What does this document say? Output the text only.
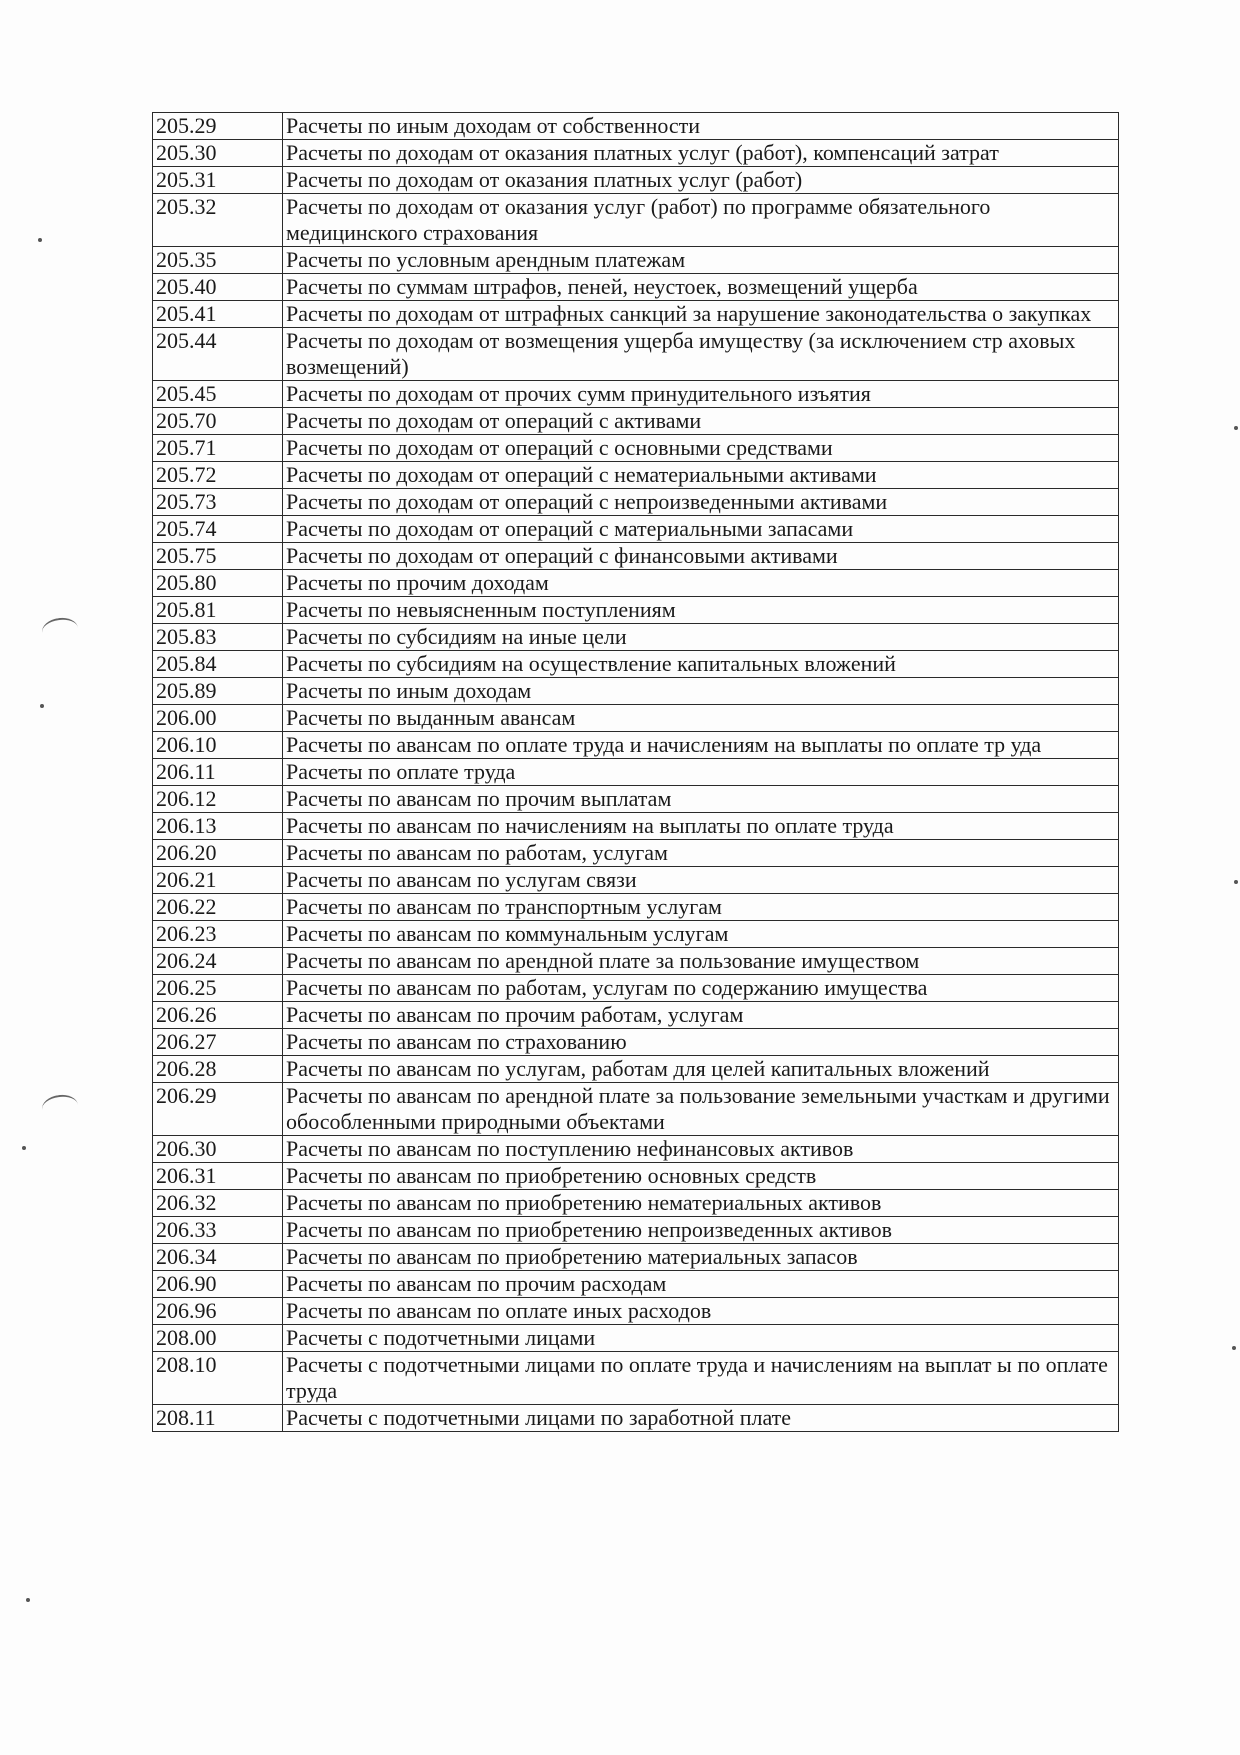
205.29	Расчеты по иным доходам от собственности
205.30	Расчеты по доходам от оказания платных услуг (работ), компенсаций затрат
205.31	Расчеты по доходам от оказания платных услуг (работ)
205.32	Расчеты по доходам от оказания услуг (работ) по программе обязательного медицинского страхования
205.35	Расчеты по условным арендным платежам
205.40	Расчеты по суммам штрафов, пеней, неустоек, возмещений ущерба
205.41	Расчеты по доходам от штрафных санкций за нарушение законодательства о закупках
205.44	Расчеты по доходам от возмещения ущерба имуществу (за исключением стр аховых возмещений)
205.45	Расчеты по доходам от прочих сумм принудительного изъятия
205.70	Расчеты по доходам от операций с активами
205.71	Расчеты по доходам от операций с основными средствами
205.72	Расчеты по доходам от операций с нематериальными активами
205.73	Расчеты по доходам от операций с непроизведенными активами
205.74	Расчеты по доходам от операций с материальными запасами
205.75	Расчеты по доходам от операций с финансовыми активами
205.80	Расчеты по прочим доходам
205.81	Расчеты по невыясненным поступлениям
205.83	Расчеты по субсидиям на иные цели
205.84	Расчеты по субсидиям на осуществление капитальных вложений
205.89	Расчеты по иным доходам
206.00	Расчеты по выданным авансам
206.10	Расчеты по авансам по оплате труда и начислениям на выплаты по оплате тр уда
206.11	Расчеты по оплате труда
206.12	Расчеты по авансам по прочим выплатам
206.13	Расчеты по авансам по начислениям на выплаты по оплате труда
206.20	Расчеты по авансам по работам, услугам
206.21	Расчеты по авансам по услугам связи
206.22	Расчеты по авансам по транспортным услугам
206.23	Расчеты по авансам по коммунальным услугам
206.24	Расчеты по авансам по арендной плате за пользование имуществом
206.25	Расчеты по авансам по работам, услугам по содержанию имущества
206.26	Расчеты по авансам по прочим работам, услугам
206.27	Расчеты по авансам по страхованию
206.28	Расчеты по авансам по услугам, работам для целей капитальных вложений
206.29	Расчеты по авансам по арендной плате за пользование земельными участкам и другими обособленными природными объектами
206.30	Расчеты по авансам по поступлению нефинансовых активов
206.31	Расчеты по авансам по приобретению основных средств
206.32	Расчеты по авансам по приобретению нематериальных активов
206.33	Расчеты по авансам по приобретению непроизведенных активов
206.34	Расчеты по авансам по приобретению материальных запасов
206.90	Расчеты по авансам по прочим расходам
206.96	Расчеты по авансам по оплате иных расходов
208.00	Расчеты с подотчетными лицами
208.10	Расчеты с подотчетными лицами по оплате труда и начислениям на выплат ы по оплате труда
208.11	Расчеты с подотчетными лицами по заработной плате
